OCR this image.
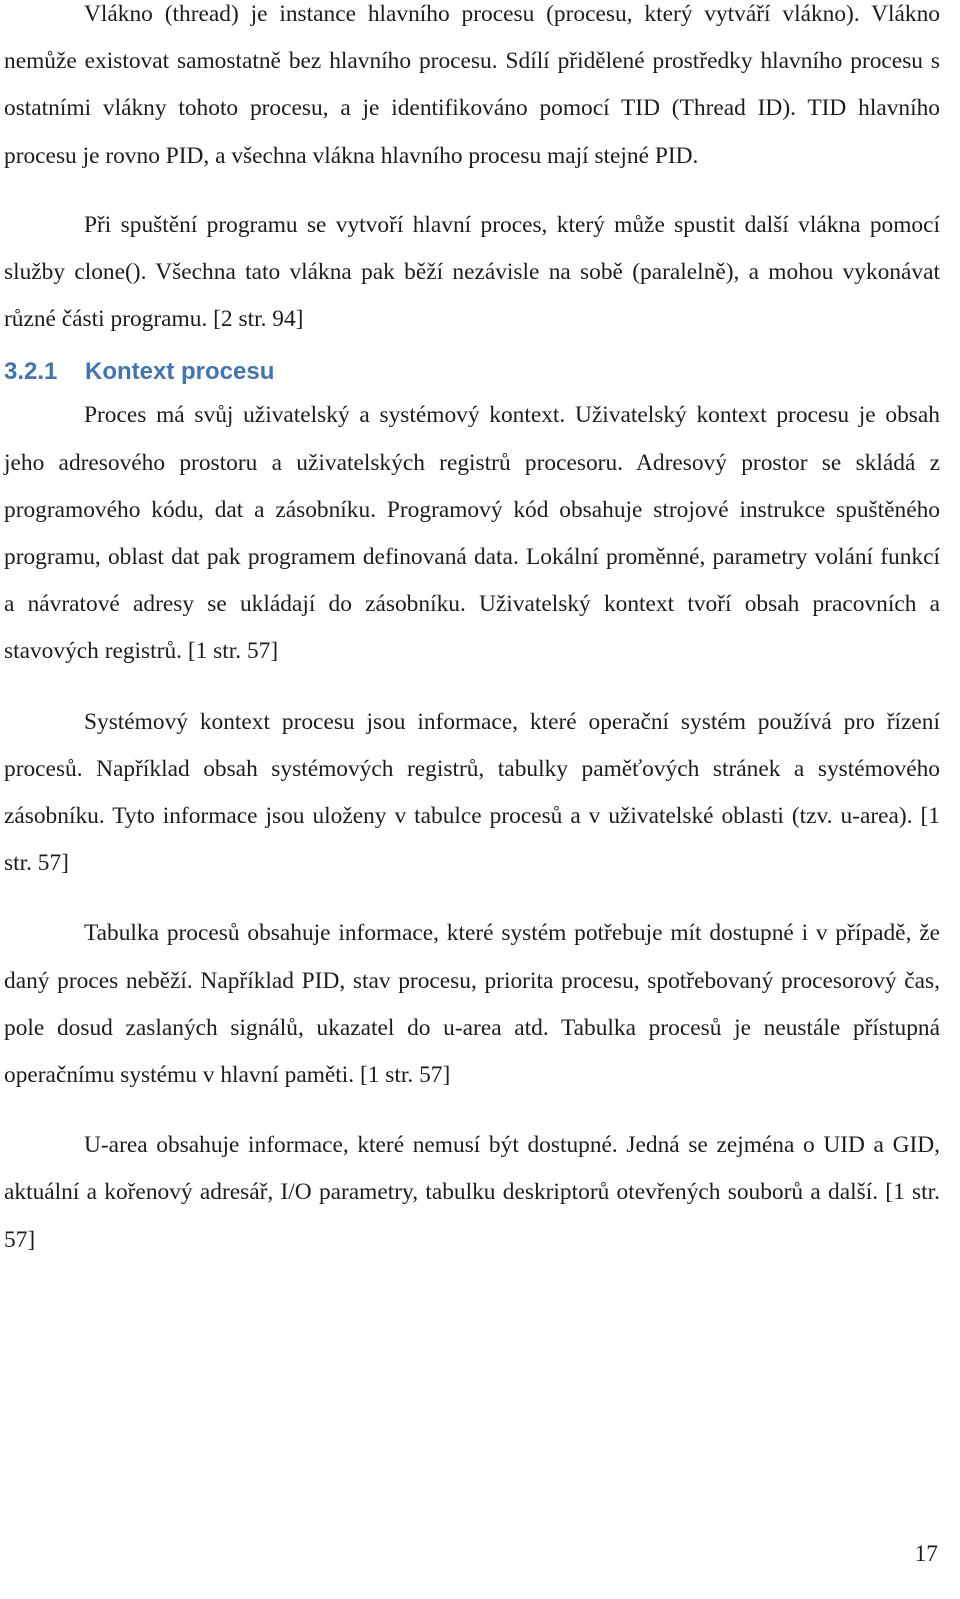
Vlákno (thread) je instance hlavního procesu (procesu, který vytváří vlákno). Vlákno nemůže existovat samostatně bez hlavního procesu. Sdílí přidělené prostředky hlavního procesu s ostatními vlákny tohoto procesu, a je identifikováno pomocí TID (Thread ID). TID hlavního procesu je rovno PID, a všechna vlákna hlavního procesu mají stejné PID.

Při spuštění programu se vytvoří hlavní proces, který může spustit další vlákna pomocí služby clone(). Všechna tato vlákna pak běží nezávisle na sobě (paralelně), a mohou vykonávat různé části programu. [2 str. 94]

3.2.1 Kontext procesu

Proces má svůj uživatelský a systémový kontext. Uživatelský kontext procesu je obsah jeho adresového prostoru a uživatelských registrů procesoru. Adresový prostor se skládá z programového kódu, dat a zásobníku. Programový kód obsahuje strojové instrukce spuštěného programu, oblast dat pak programem definovaná data. Lokální proměnné, parametry volání funkcí a návratové adresy se ukládají do zásobníku. Uživatelský kontext tvoří obsah pracovních a stavových registrů. [1 str. 57]

Systémový kontext procesu jsou informace, které operační systém používá pro řízení procesů. Například obsah systémových registrů, tabulky paměťových stránek a systémového zásobníku. Tyto informace jsou uloženy v tabulce procesů a v uživatelské oblasti (tzv. u-area). [1 str. 57]

Tabulka procesů obsahuje informace, které systém potřebuje mít dostupné i v případě, že daný proces neběží. Například PID, stav procesu, priorita procesu, spotřebovaný procesorový čas, pole dosud zaslaných signálů, ukazatel do u-area atd. Tabulka procesů je neustále přístupná operačnímu systému v hlavní paměti. [1 str. 57]

U-area obsahuje informace, které nemusí být dostupné. Jedná se zejména o UID a GID, aktuální a kořenový adresář, I/O parametry, tabulku deskriptorů otevřených souborů a další. [1 str. 57]

17
